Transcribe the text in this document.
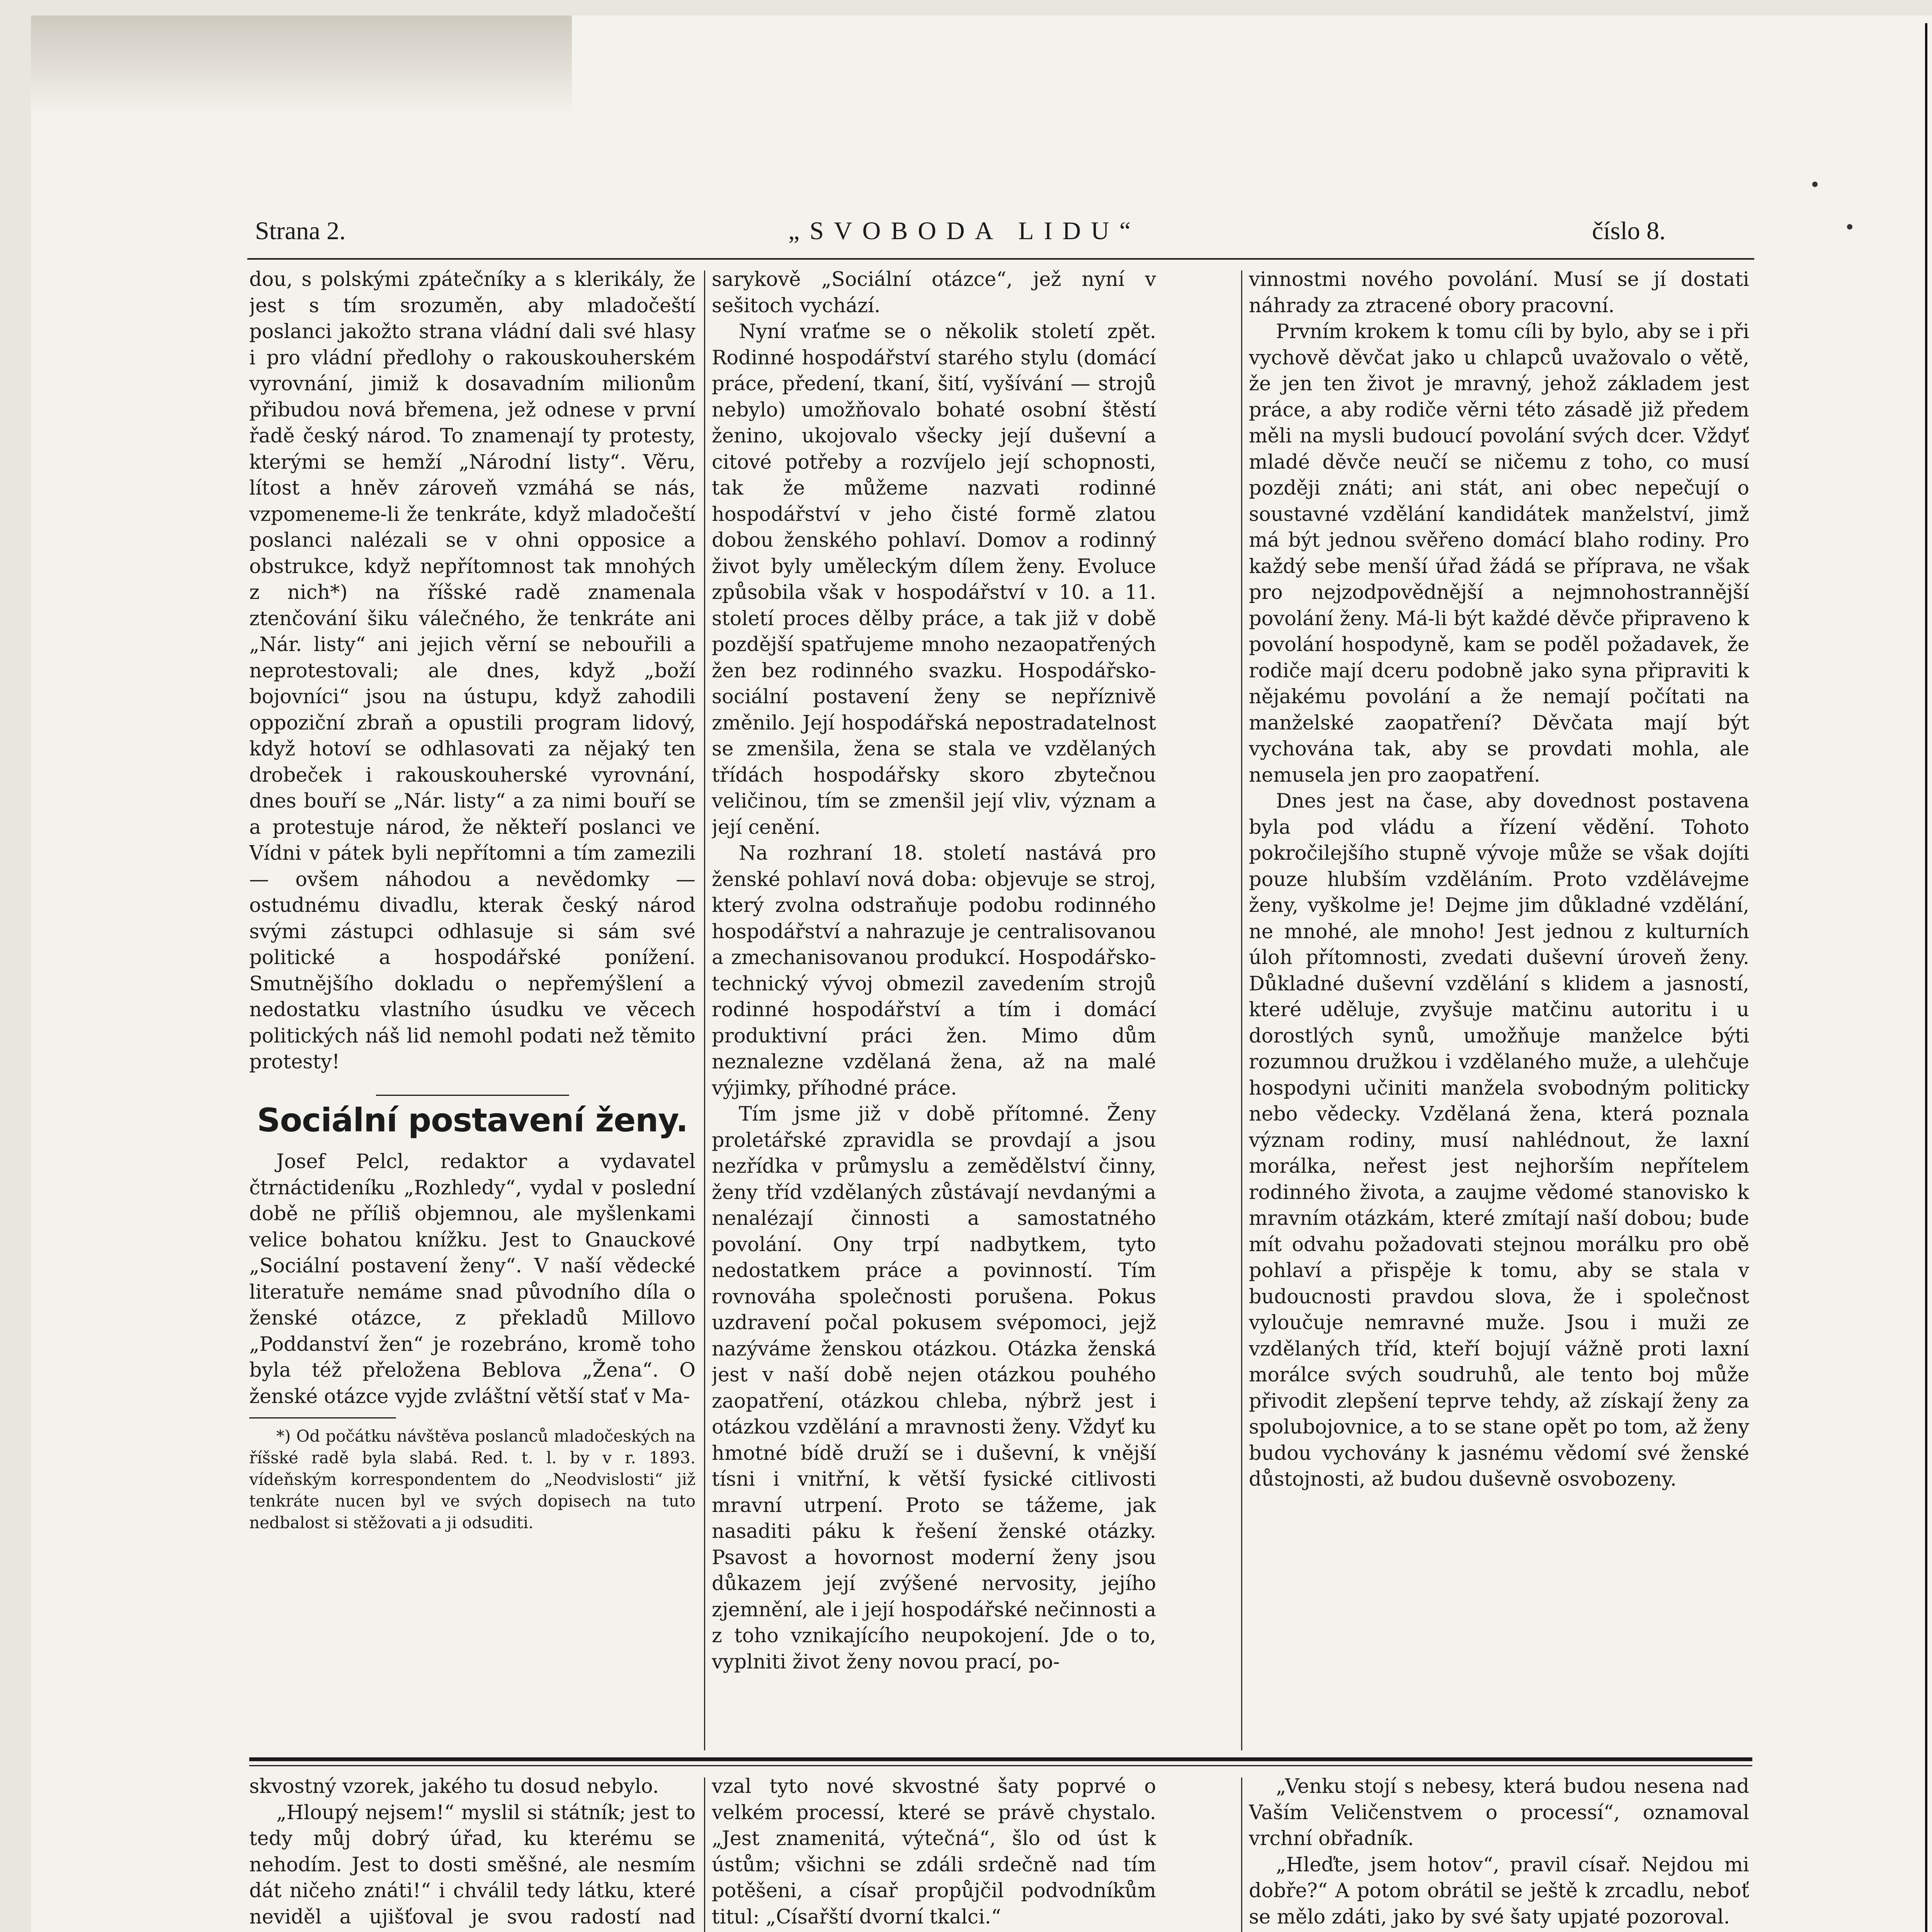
Strana 2.	„SVOBODA LIDU“	číslo 8.

dou, s polskými zpátečníky a s klerikály, že jest s tím srozuměn, aby mladočeští poslanci jakožto strana vládní dali své hlasy i pro vládní předlohy o rakouskouherském vyrovnání, jimiž k dosavadním milionům přibudou nová břemena, jež odnese v první řadě český národ. To znamenají ty protesty, kterými se hemží „Národní listy“. Věru, lítost a hněv zároveň vzmáhá se nás, vzpomeneme-li že tenkráte, když mladočeští poslanci nalézali se v ohni opposice a obstrukce, když nepřítomnost tak mnohých z nich*) na říšské radě znamenala ztenčování šiku válečného, že tenkráte ani „Nár. listy“ ani jejich věrní se nebouřili a neprotestovali; ale dnes, když „boží bojovníci“ jsou na ústupu, když zahodili oppoziční zbraň a opustili program lidový, když hotoví se odhlasovati za nějaký ten drobeček i rakouskouherské vyrovnání, dnes bouří se „Nár. listy“ a za nimi bouří se a protestuje národ, že někteří poslanci ve Vídni v pátek byli nepřítomni a tím zamezili — ovšem náhodou a nevědomky — ostudnému divadlu, kterak český národ svými zástupci odhlasuje si sám své politické a hospodářské ponížení. Smutnějšího dokladu o nepřemýšlení a nedostatku vlastního úsudku ve věcech politických náš lid nemohl podati než těmito protesty!

Sociální postavení ženy.

Josef Pelcl, redaktor a vydavatel čtrnáctideníku „Rozhledy“, vydal v poslední době ne příliš objemnou, ale myšlenkami velice bohatou knížku. Jest to Gnauckové „Sociální postavení ženy“. V naší vědecké literatuře nemáme snad původního díla o ženské otázce, z překladů Millovo „Poddanství žen“ je rozebráno, kromě toho byla též přeložena Beblova „Žena“. O ženské otázce vyjde zvláštní větší stať v Ma-

*) Od počátku návštěva poslanců mladočeských na říšské radě byla slabá. Red. t. l. by v r. 1893. vídeňským korrespondentem do „Neodvislosti“ již tenkráte nucen byl ve svých dopisech na tuto nedbalost si stěžovati a ji odsuditi.

sarykově „Sociální otázce“, jež nyní v sešitoch vychází.

Nyní vraťme se o několik století zpět. Rodinné hospodářství starého stylu (domácí práce, předení, tkaní, šití, vyšívání — strojů nebylo) umožňovalo bohaté osobní štěstí ženino, ukojovalo všecky její duševní a citové potřeby a rozvíjelo její schopnosti, tak že můžeme nazvati rodinné hospodářství v jeho čisté formě zlatou dobou ženského pohlaví. Domov a rodinný život byly uměleckým dílem ženy. Evoluce způsobila však v hospodářství v 10. a 11. století proces dělby práce, a tak již v době pozdější spatřujeme mnoho nezaopatřených žen bez rodinného svazku. Hospodářsko-sociální postavení ženy se nepříznivě změnilo. Její hospodářská nepostradatelnost se zmenšila, žena se stala ve vzdělaných třídách hospodářsky skoro zbytečnou veličinou, tím se zmenšil její vliv, význam a její cenění.

Na rozhraní 18. století nastává pro ženské pohlaví nová doba: objevuje se stroj, který zvolna odstraňuje podobu rodinného hospodářství a nahrazuje je centralisovanou a zmechanisovanou produkcí. Hospodářsko-technický vývoj obmezil zavedením strojů rodinné hospodářství a tím i domácí produktivní práci žen. Mimo dům neznalezne vzdělaná žena, až na malé výjimky, příhodné práce.

Tím jsme již v době přítomné. Ženy proletářské zpravidla se provdají a jsou nezřídka v průmyslu a zemědělství činny, ženy tříd vzdělaných zůstávají nevdanými a nenalézají činnosti a samostatného povolání. Ony trpí nadbytkem, tyto nedostatkem práce a povinností. Tím rovnováha společnosti porušena. Pokus uzdravení počal pokusem svépomoci, jejž nazýváme ženskou otázkou. Otázka ženská jest v naší době nejen otázkou pouhého zaopatření, otázkou chleba, nýbrž jest i otázkou vzdělání a mravnosti ženy. Vždyť ku hmotné bídě druží se i duševní, k vnější tísni i vnitřní, k větší fysické citlivosti mravní utrpení. Proto se tážeme, jak nasaditi páku k řešení ženské otázky. Psavost a hovornost moderní ženy jsou důkazem její zvýšené nervosity, jejího zjemnění, ale i její hospodářské nečinnosti a z toho vznikajícího neupokojení. Jde o to, vyplniti život ženy novou prací, po-

vinnostmi nového povolání. Musí se jí dostati náhrady za ztracené obory pracovní.

Prvním krokem k tomu cíli by bylo, aby se i při vychově děvčat jako u chlapců uvažovalo o větě, že jen ten život je mravný, jehož základem jest práce, a aby rodiče věrni této zásadě již předem měli na mysli budoucí povolání svých dcer. Vždyť mladé děvče neučí se ničemu z toho, co musí později znáti; ani stát, ani obec nepečují o soustavné vzdělání kandidátek manželství, jimž má být jednou svěřeno domácí blaho rodiny. Pro každý sebe menší úřad žádá se příprava, ne však pro nejzodpovědnější a nejmnohostrannější povolání ženy. Má-li být každé děvče připraveno k povolání hospodyně, kam se poděl požadavek, že rodiče mají dceru podobně jako syna připraviti k nějakému povolání a že nemají počítati na manželské zaopatření? Děvčata mají být vychována tak, aby se provdati mohla, ale nemusela jen pro zaopatření.

Dnes jest na čase, aby dovednost postavena byla pod vládu a řízení vědění. Tohoto pokročilejšího stupně vývoje může se však dojíti pouze hlubším vzděláním. Proto vzdělávejme ženy, vyškolme je! Dejme jim důkladné vzdělání, ne mnohé, ale mnoho! Jest jednou z kulturních úloh přítomnosti, zvedati duševní úroveň ženy. Důkladné duševní vzdělání s klidem a jasností, které uděluje, zvyšuje matčinu autoritu i u dorostlých synů, umožňuje manželce býti rozumnou družkou i vzdělaného muže, a ulehčuje hospodyni učiniti manžela svobodným politicky nebo vědecky. Vzdělaná žena, která poznala význam rodiny, musí nahlédnout, že laxní morálka, neřest jest nejhorším nepřítelem rodinného života, a zaujme vědomé stanovisko k mravním otázkám, které zmítají naší dobou; bude mít odvahu požadovati stejnou morálku pro obě pohlaví a přispěje k tomu, aby se stala v budoucnosti pravdou slova, že i společnost vyloučuje nemravné muže. Jsou i muži ze vzdělaných tříd, kteří bojují vážně proti laxní morálce svých soudruhů, ale tento boj může přivodit zlepšení teprve tehdy, až získají ženy za spolubojovnice, a to se stane opět po tom, až ženy budou vychovány k jasnému vědomí své ženské důstojnosti, až budou duševně osvobozeny.

skvostný vzorek, jakého tu dosud nebylo.

„Hloupý nejsem!“ myslil si státník; jest to tedy můj dobrý úřad, ku kterému se nehodím. Jest to dosti směšné, ale nesmím dát ničeho znáti!“ i chválil tedy látku, které neviděl a ujišťoval je svou radostí nad

vzal tyto nové skvostné šaty poprvé o velkém processí, které se právě chystalo. „Jest znamenitá, výtečná“, šlo od úst k ústům; všichni se zdáli srdečně nad tím potěšeni, a císař propůjčil podvodníkům titul: „Císařští dvorní tkalci.“

„Venku stojí s nebesy, která budou nesena nad Vaším Veličenstvem o processí“, oznamoval vrchní obřadník.

„Hleďte, jsem hotov“, pravil císař. Nejdou mi dobře?“ A potom obrátil se ještě k zrcadlu, neboť se mělo zdáti, jako by své šaty upjaté pozoroval.
